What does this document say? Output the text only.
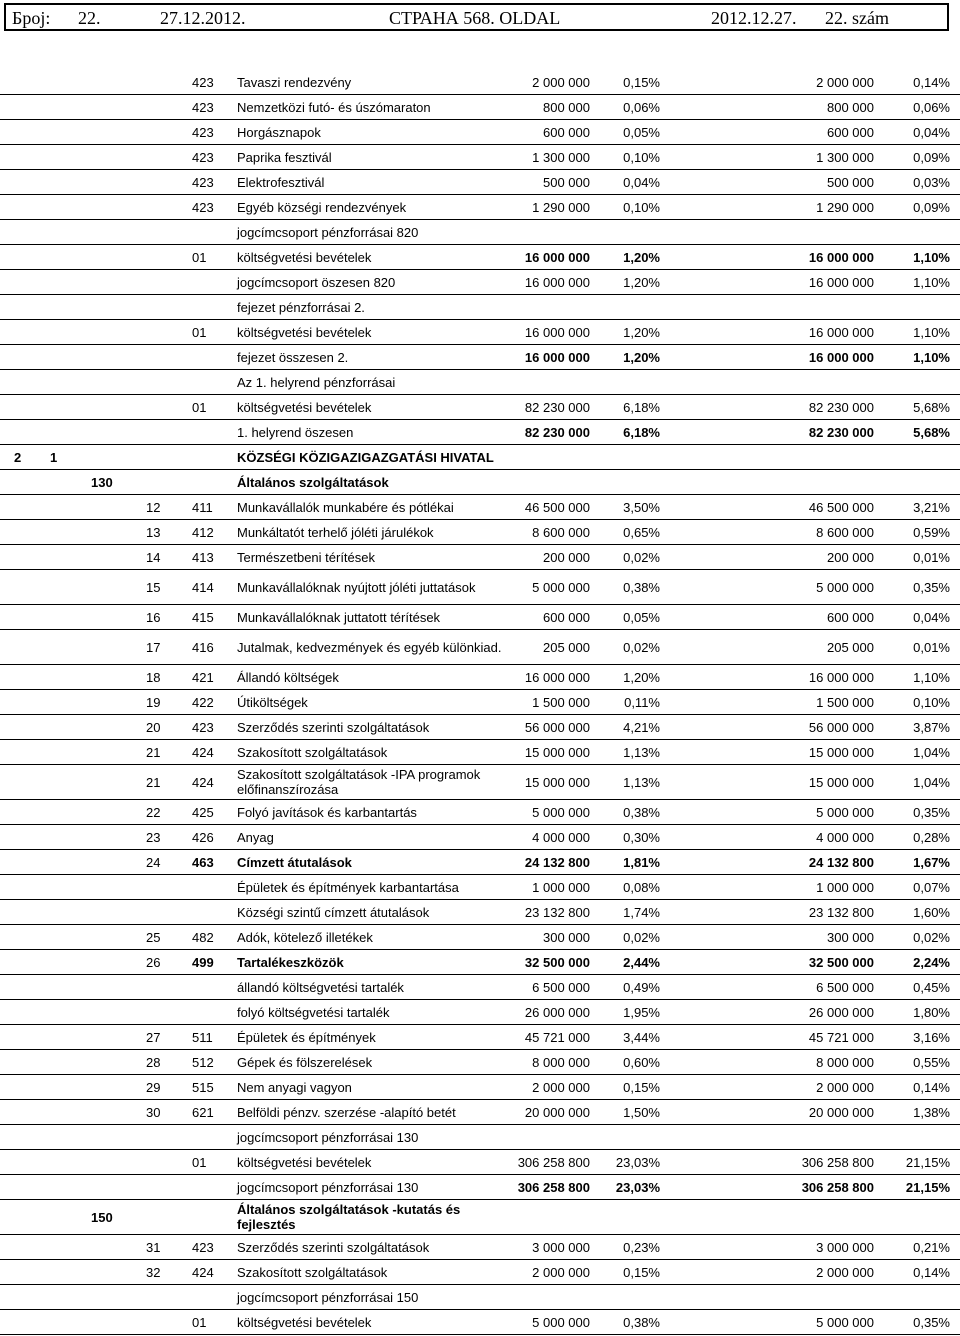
Број: 22.	27.12.2012.	СТРАНА 568. OLDAL	2012.12.27. 22. szám
423 Tavaszi rendezvény	2 000 000	0,15%	2 000 000	0,14%
423 Nemzetközi futó- és úszómaraton	800 000	0,06%	800 000	0,06%
423 Horgásznapok	600 000	0,05%	600 000	0,04%
423 Paprika fesztivál	1 300 000	0,10%	1 300 000	0,09%
423 Elektrofesztivál	500 000	0,04%	500 000	0,03%
423 Egyéb községi rendezvények	1 290 000	0,10%	1 290 000	0,09%
jogcímcsoport pénzforrásai 820
01 költségvetési bevételek	16 000 000	1,20%	16 000 000	1,10%
jogcímcsoport öszesen 820	16 000 000	1,20%	16 000 000	1,10%
fejezet pénzforrásai 2.
01 költségvetési bevételek	16 000 000	1,20%	16 000 000	1,10%
fejezet összesen 2.	16 000 000	1,20%	16 000 000	1,10%
Az 1. helyrend pénzforrásai
01 költségvetési bevételek	82 230 000	6,18%	82 230 000	5,68%
1. helyrend öszesen	82 230 000	6,18%	82 230 000	5,68%
2 1	KÖZSÉGI KÖZIGAZIGAZGATÁSI HIVATAL
130	Általános szolgáltatások
12 411 Munkavállalók munkabére és pótlékai	46 500 000	3,50%	46 500 000	3,21%
13 412 Munkáltatót terhelő jóléti járulékok	8 600 000	0,65%	8 600 000	0,59%
14 413 Természetbeni térítések	200 000	0,02%	200 000	0,01%
15 414 Munkavállalóknak nyújtott jóléti juttatások	5 000 000	0,38%	5 000 000	0,35%
16 415 Munkavállalóknak juttatott térítések	600 000	0,05%	600 000	0,04%
17 416 Jutalmak, kedvezmények és egyéb különkiad.	205 000	0,02%	205 000	0,01%
18 421 Állandó költségek	16 000 000	1,20%	16 000 000	1,10%
19 422 Útiköltségek	1 500 000	0,11%	1 500 000	0,10%
20 423 Szerződés szerinti szolgáltatások	56 000 000	4,21%	56 000 000	3,87%
21 424 Szakosított szolgáltatások	15 000 000	1,13%	15 000 000	1,04%
21 424 Szakosított szolgáltatások -IPA programok előfinanszírozása	15 000 000	1,13%	15 000 000	1,04%
22 425 Folyó javítások és karbantartás	5 000 000	0,38%	5 000 000	0,35%
23 426 Anyag	4 000 000	0,30%	4 000 000	0,28%
24 463 Címzett átutalások	24 132 800	1,81%	24 132 800	1,67%
Épületek és építmények karbantartása	1 000 000	0,08%	1 000 000	0,07%
Községi szintű címzett átutalások	23 132 800	1,74%	23 132 800	1,60%
25 482 Adók, kötelező illetékek	300 000	0,02%	300 000	0,02%
26 499 Tartalékeszközök	32 500 000	2,44%	32 500 000	2,24%
állandó költségvetési tartalék	6 500 000	0,49%	6 500 000	0,45%
folyó költségvetési tartalék	26 000 000	1,95%	26 000 000	1,80%
27 511 Épületek és építmények	45 721 000	3,44%	45 721 000	3,16%
28 512 Gépek és fölszerelések	8 000 000	0,60%	8 000 000	0,55%
29 515 Nem anyagi vagyon	2 000 000	0,15%	2 000 000	0,14%
30 621 Belföldi pénzv. szerzése -alapító betét	20 000 000	1,50%	20 000 000	1,38%
jogcímcsoport pénzforrásai 130
01 költségvetési bevételek	306 258 800 23,03%	306 258 800 21,15%
jogcímcsoport pénzforrásai 130	306 258 800 23,03%	306 258 800 21,15%
150	Általános szolgáltatások -kutatás és fejlesztés
31 423 Szerződés szerinti szolgáltatások	3 000 000	0,23%	3 000 000	0,21%
32 424 Szakosított szolgáltatások	2 000 000	0,15%	2 000 000	0,14%
jogcímcsoport pénzforrásai 150
01 költségvetési bevételek	5 000 000	0,38%	5 000 000	0,35%
